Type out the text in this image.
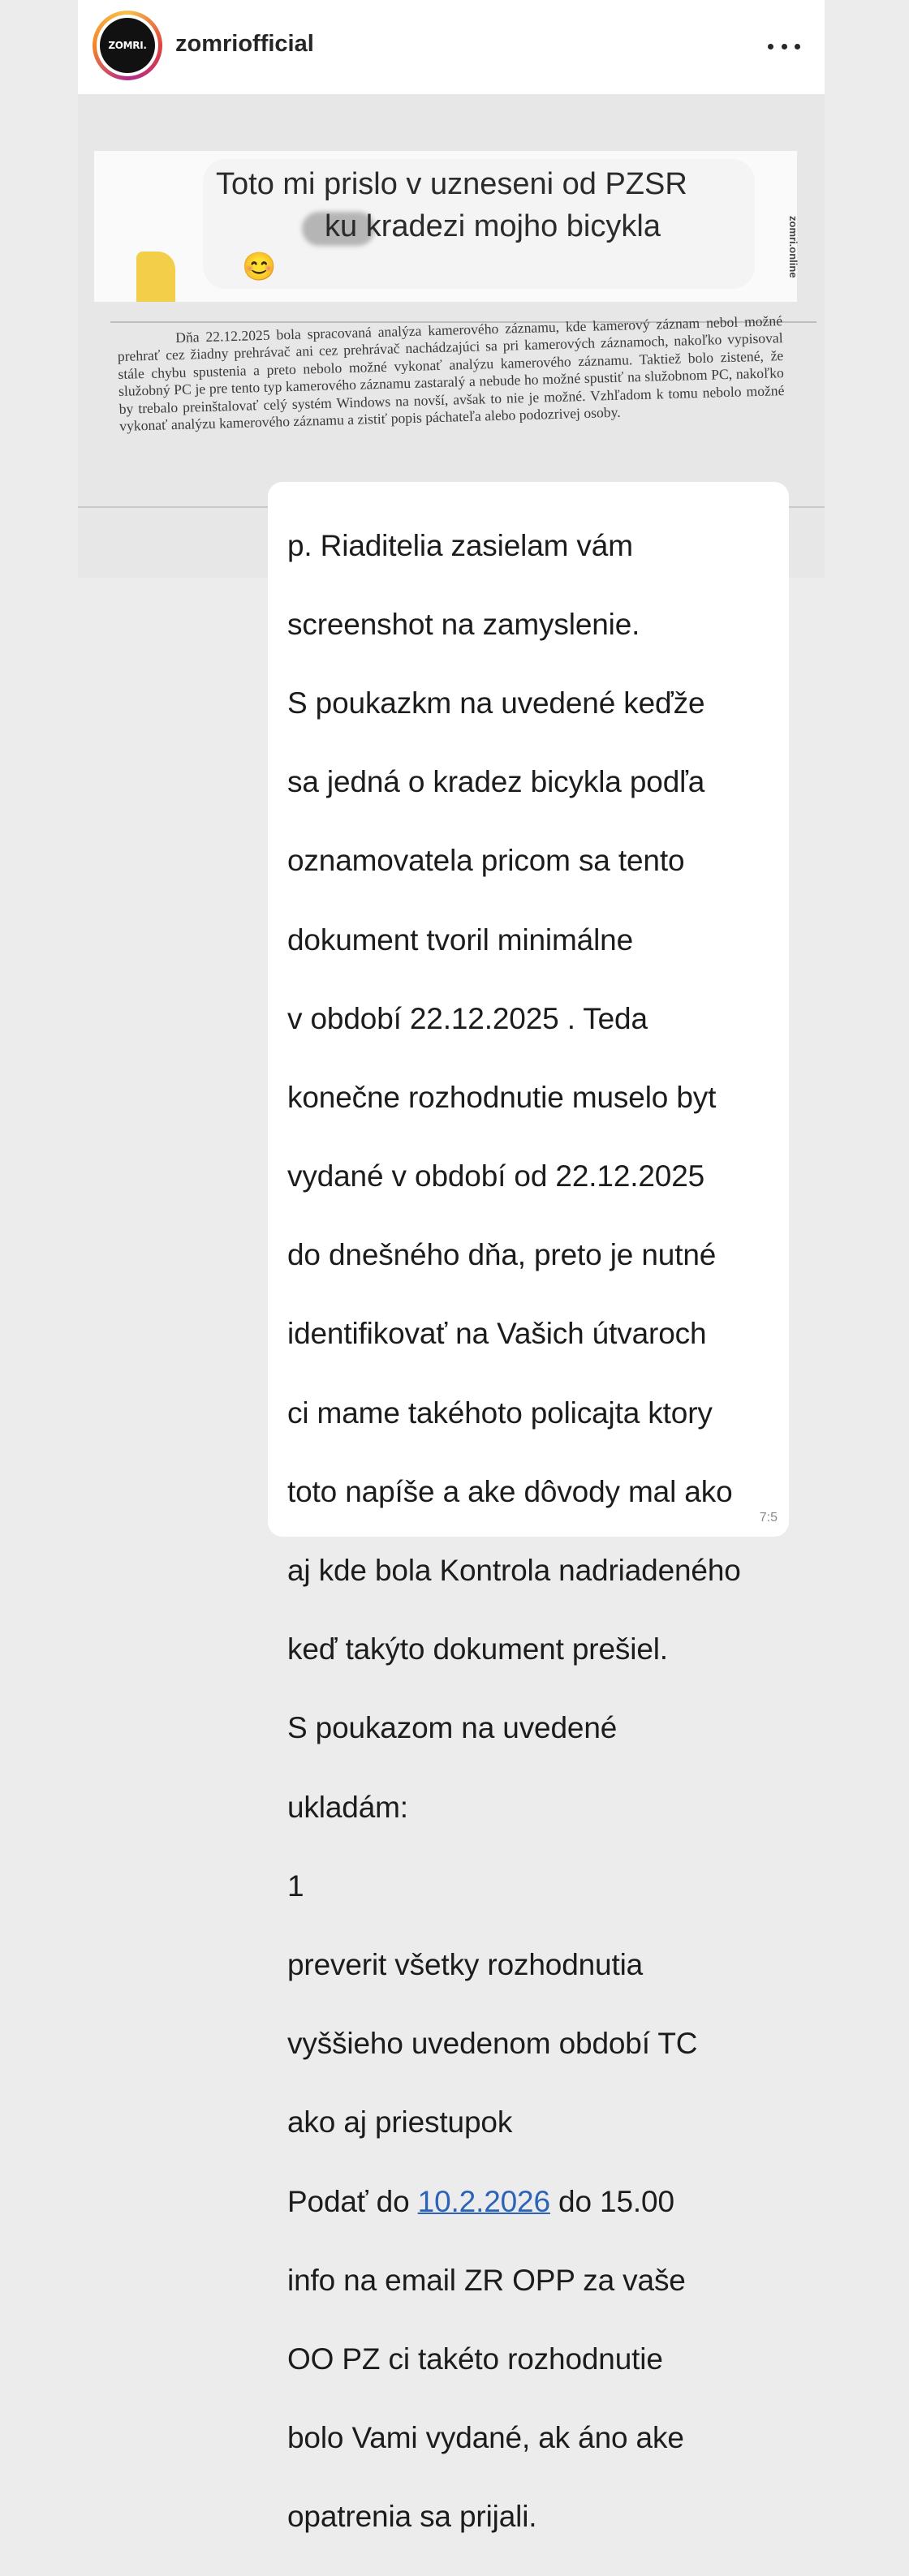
ZOMRI.	zomriofficial
Toto mi prislo v uzneseni od PZSR
ku kradezi mojho bicykla
😊	zomri.online
Dňa 22.12.2025 bola spracovaná analýza kamerového záznamu, kde kamerový záznam nebol možné prehrať cez žiadny prehrávač ani cez prehrávač nachádzajúci sa pri kamerových záznamoch, nakoľko vypisoval stále chybu spustenia a preto nebolo možné vykonať analýzu kamerového záznamu. Taktiež bolo zistené, že služobný PC je pre tento typ kamerového záznamu zastaralý a nebude ho možné spustiť na služobnom PC, nakoľko by trebalo preinštalovať celý systém Windows na novší, avšak to nie je možné. Vzhľadom k tomu nebolo možné vykonať analýzu kamerového záznamu a zistiť popis páchateľa alebo podozrivej osoby.

p. Riaditelia zasielam vám

screenshot na zamyslenie.

S poukazkm na uvedené keďže

sa jedná o kradez bicykla podľa

oznamovatela pricom sa tento

dokument tvoril minimálne

v období 22.12.2025 . Teda

konečne rozhodnutie muselo byt

vydané v období od 22.12.2025

do dnešného dňa, preto je nutné

identifikovať na Vašich útvaroch

ci mame takéhoto policajta ktory

toto napíše a ake dôvody mal ako

aj kde bola Kontrola nadriadeného

keď takýto dokument prešiel.

S poukazom na uvedené

ukladám:

1

preverit všetky rozhodnutia

vyššieho uvedenom období TC

ako aj priestupok

Podať do 10.2.2026 do 15.00

info na email ZR OPP za vaše

OO PZ ci takéto rozhodnutie

bolo Vami vydané, ak áno ake

opatrenia sa prijali.

7:5
